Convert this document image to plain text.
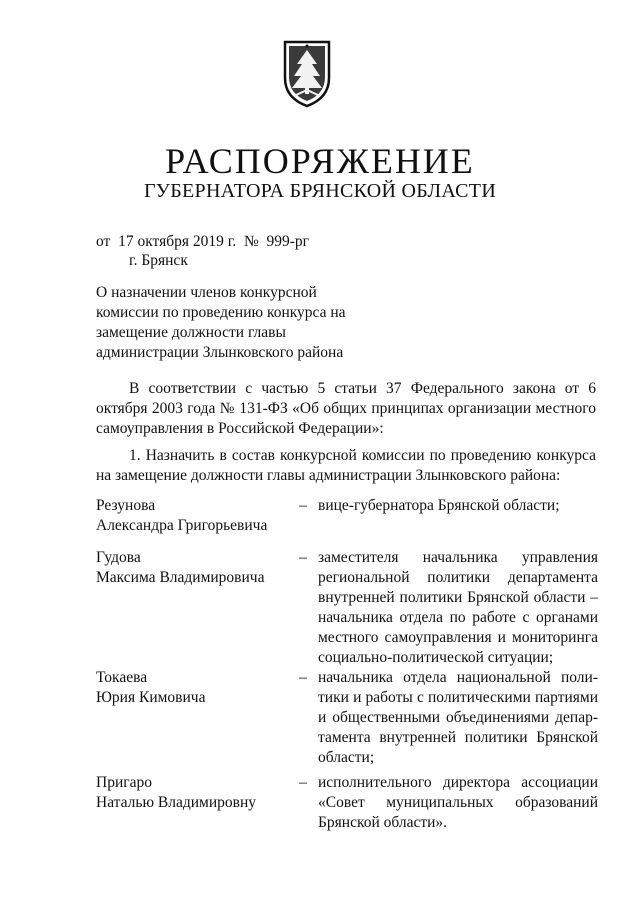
РАСПОРЯЖЕНИЕ
ГУБЕРНАТОРА БРЯНСКОЙ ОБЛАСТИ
от  17 октября 2019 г.  №  999-рг
г. Брянск
О назначении членов конкурсной комиссии по проведению конкурса на замещение должности главы администрации Злынковского района
В соответствии с частью 5 статьи 37 Федерального закона от 6 октября 2003 года № 131-ФЗ «Об общих принципах организации местного самоуправления в Российской Федерации»:
1. Назначить в состав конкурсной комиссии по проведению конкурса на замещение должности главы администрации Злынковского района:
Резунова
Александра Григорьевича
– вице-губернатора Брянской области;
Гудова
Максима Владимировича
– заместителя начальника управления региональной политики департамента внутренней политики Брянской области – начальника отдела по работе с органами местного самоуправления и мониторинга социально-политической ситуации;
Токаева
Юрия Кимовича
– начальника отдела национальной политики и работы с политическими партиями и общественными объединениями департамента внутренней политики Брянской области;
Пригаро
Наталью Владимировну
– исполнительного директора ассоциации «Совет муниципальных образований Брянской области».
